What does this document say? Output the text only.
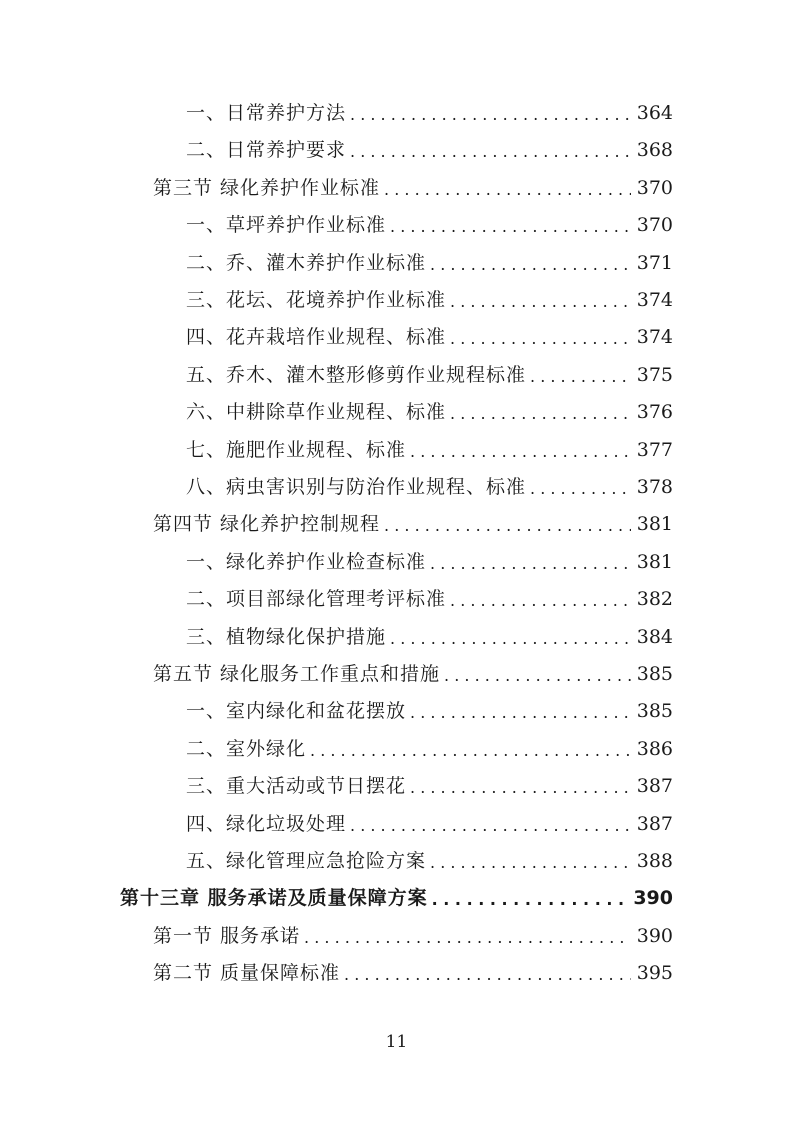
一、日常养护方法 . . .	364
二、日常养护要求 . . .	368
第三节 绿化养护作业标准 . . .	370
一、草坪养护作业标准 . . .	370
二、乔、灌木养护作业标准 . . .	371
三、花坛、花境养护作业标准 . . .	374
四、花卉栽培作业规程、标准 . . .	374
五、乔木、灌木整形修剪作业规程标准 . . .	375
六、中耕除草作业规程、标准 . . .	376
七、施肥作业规程、标准 . . .	377
八、病虫害识别与防治作业规程、标准 . . .	378
第四节 绿化养护控制规程 . . .	381
一、绿化养护作业检查标准 . . .	381
二、项目部绿化管理考评标准 . . .	382
三、植物绿化保护措施 . . .	384
第五节 绿化服务工作重点和措施 . . .	385
一、室内绿化和盆花摆放 . . .	385
二、室外绿化 . . .	386
三、重大活动或节日摆花 . . .	387
四、绿化垃圾处理 . . .	387
五、绿化管理应急抢险方案 . . .	388
第十三章 服务承诺及质量保障方案 . . .	390
第一节 服务承诺 . . .	390
第二节 质量保障标准 . . .	395
11
